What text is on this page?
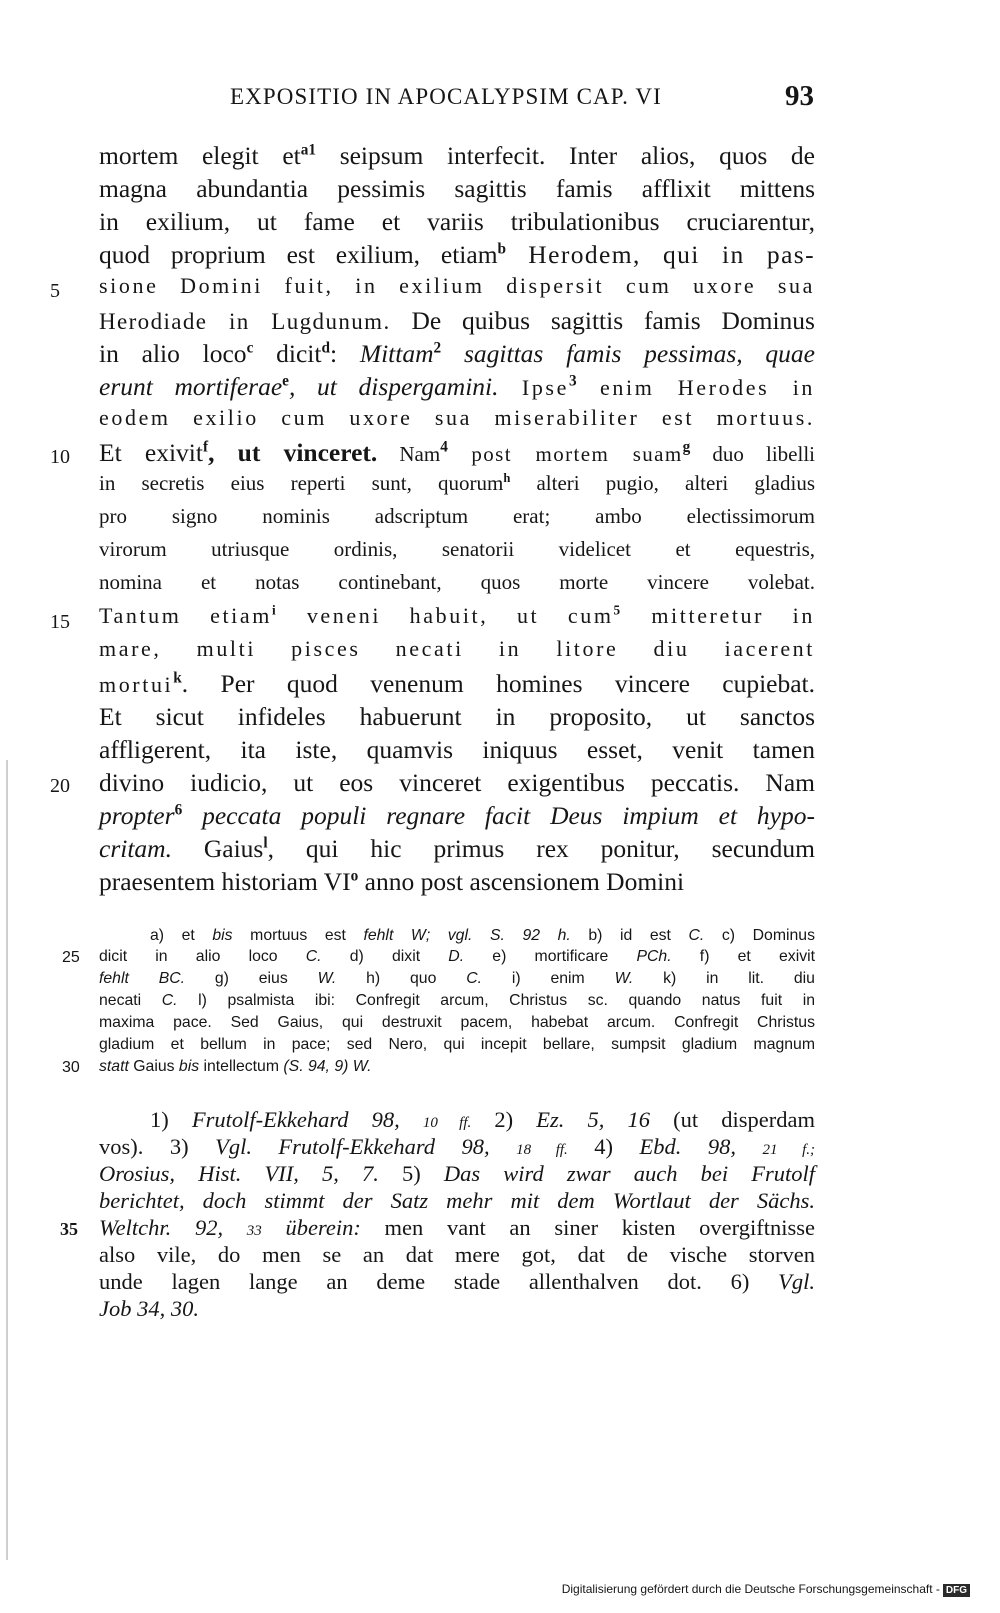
EXPOSITIO IN APOCALYPSIM CAP. VI	93
mortem elegit $et^{a1}$ seipsum interfecit. Inter alios, quos de
magna abundantia pessimis sagittis famis afflixit mittens
in exilium, ut fame et variis tribulationibus cruciarentur,
quod proprium est exilium, etiam$^b$ Herodem, qui in pas-
5 sione Domini fuit, in exilium dispersit cum uxore sua
Herodiade in Lugdunum. De quibus sagittis famis Dominus
in alio loco$^c$ dicit$^d$: Mittam$^2$ sagittas famis pessimas, quae
erunt mortiferae$^e$, ut dispergamini. Ipse$^3$ enim Herodes in
eodem exilio cum uxore sua miserabiliter est mortuus.
10 Et exivit$^f$, ut vinceret. Nam$^4$ post mortem suam$^g$ duo libelli
in secretis eius reperti sunt, quorum$^h$ alteri pugio, alteri gladius
pro signo nominis adscriptum erat; ambo electissimorum
virorum utriusque ordinis, senatorii videlicet et equestris,
nomina et notas continebant, quos morte vincere volebat.
15 Tantum etiam$^i$ veneni habuit, ut cum$^5$ mitteretur in
mare, multi pisces necati in litore diu iacerent
mortui$^k$. Per quod venenum homines vincere cupiebat.
Et sicut infideles habuerunt in proposito, ut sanctos
affligerent, ita iste, quamvis iniquus esset, venit tamen
20 divino iudicio, ut eos vinceret exigentibus peccatis. Nam
propter$^6$ peccata populi regnare facit Deus impium et hypo-
critam. Gaius$^l$, qui hic primus rex ponitur, secundum
praesentem historiam $VI^o$ anno post ascensionem Domini
a) et bis mortuus est fehlt W; vgl. S. 92 h. b) id est C. c) Dominus
25 dicit in alio loco C. d) dixit D. e) mortificare PCh. f) et exivit
fehlt BC. g) eius W. h) quo C. i) enim W. k) in lit. diu
necati C. l) psalmista ibi: Confregit arcum, Christus sc. quando natus fuit in
maxima pace. Sed Gaius, qui destruxit pacem, habebat arcum. Confregit Christus
gladium et bellum in pace; sed Nero, qui incepit bellare, sumpsit gladium magnum
30 statt Gaius bis intellectum (S. 94, 9) W.
1) Frutolf-Ekkehard 98, 10 ff. 2) Ez. 5, 16 (ut disperdam
vos). 3) Vgl. Frutolf-Ekkehard 98, 18 ff. 4) Ebd. 98, 21 f.;
Orosius, Hist. VII, 5, 7. 5) Das wird zwar auch bei Frutolf
berichtet, doch stimmt der Satz mehr mit dem Wortlaut der Sächs.
35 Weltchr. 92, 33 überein: men vant an siner kisten overgiftnisse
also vile, do men se an dat mere got, dat de vische storven
unde lagen lange an deme stade allenthalven dot. 6) Vgl.
Job 34, 30.
Digitalisierung gefördert durch die Deutsche Forschungsgemeinschaft - DFG
